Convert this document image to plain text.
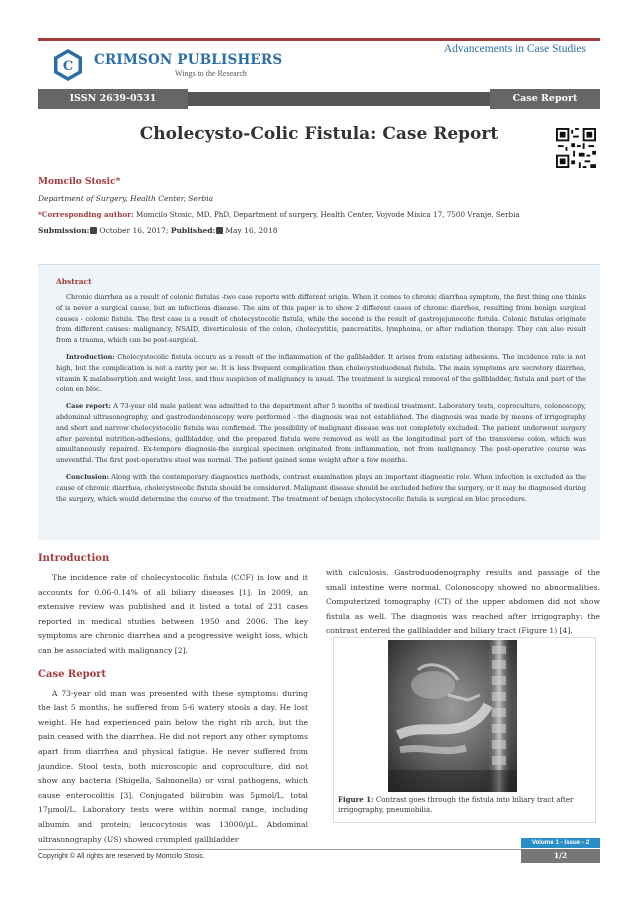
C CRIMSON PUBLISHERS
Wings to the Research
Advancements in Case Studies
ISSN 2639-0531	Case Report
Cholecysto-Colic Fistula: Case Report
Momcilo Stosic*
Department of Surgery, Health Center, Serbia
*Corresponding author: Momcilo Stosic, MD, PhD, Department of surgery, Health Center, Vojvode Misica 17, 7500 Vranje, Serbia
Submission: October 16, 2017; Published: May 16, 2018
Abstract

Chronic diarrhea as a result of colonic fistulas -two case reports with different origin. When it comes to chronic diarrhea symptom, the first thing one thinks of is never a surgical cause, but an infectious disease. The aim of this paper is to show 2 different cases of chronic diarrhea, resulting from benign surgical causes - colonic fistula. The first case is a result of cholecystocolic fistula, while the second is the result of gastrojejunocolic fistula. Colonic fistulas originate from different causes: malignancy, NSAID, diverticulosis of the colon, cholecystitis, pancreatitis, lymphoma, or after radiation therapy. They can also result from a trauma, which can be post-surgical.

Introduction: Cholecystocolic fistula occurs as a result of the inflammation of the gallbladder. It arises from existing adhesions. The incidence rate is not high, but the complication is not a rarity per se. It is less frequent complication than cholecystoduodenal fistula. The main symptoms are secretory diarrhea, vitamin K malabsorption and weight loss, and thus suspicion of malignancy is usual. The treatment is surgical removal of the gallbladder, fistula and part of the colon en bloc.

Case report: A 73-year old male patient was admitted to the department after 5 months of medical treatment. Laboratory tests, coproculture, colonoscopy, abdominal ultrasonography, and gastroduodenoscopy were performed - the diagnosis was not established. The diagnosis was made by means of irrigography and short and narrow cholecystocolic fistula was confirmed. The possibility of malignant disease was not completely excluded. The patient underwent surgery after parental nutrition-adhesions, gallbladder, and the prepared fistula were removed as well as the longitudinal part of the transverse colon, which was simultaneously repaired. Ex-tempore diagnosis-the surgical specimen originated from inflammation, not from malignancy. The post-operative course was uneventful. The first post-operative stool was normal. The patient gained some weight after a few months.

Conclusion: Along with the contemporary diagnostics methods, contrast examination plays an important diagnostic role. When infection is excluded as the cause of chronic diarrhea, cholecystocolic fistula should be considered. Malignant disease should be excluded before the surgery, or it may be diagnosed during the surgery, which would determine the course of the treatment. The treatment of benign cholecystocolic fistula is surgical en bloc procedure.

Introduction
The incidence rate of cholecystocolic fistula (CCF) is low and it accounts for 0.06-0.14% of all biliary diseases [1]. In 2009, an extensive review was published and it listed a total of 231 cases reported in medical studies between 1950 and 2006. The key symptoms are chronic diarrhea and a progressive weight loss, which can be associated with malignancy [2].
Case Report
A 73-year old man was presented with these symptoms: during the last 5 months, he suffered from 5-6 watery stools a day. He lost weight. He had experienced pain below the right rib arch, but the pain ceased with the diarrhea. He did not report any other symptoms apart from diarrhea and physical fatigue. He never suffered from jaundice. Stool tests, both microscopic and coproculture, did not show any bacteria (Shigella, Salmonella) or viral pathogens, which cause enterocolitis [3]. Conjugated bilirubin was 5µmol/L, total 17µmol/L. Laboratory tests were within normal range, including albumin and protein; leucocytosis was 13000/µL. Abdominal ultrasonography (US) showed crumpled gallbladder
with calculosis. Gastroduodenography results and passage of the small intestine were normal. Colonoscopy showed no abnormalities. Computerized tomography (CT) of the upper abdomen did not show fistula as well. The diagnosis was reached after irrigography: the contrast entered the gallbladder and biliary tract (Figure 1) [4].
Figure 1: Contrast goes through the fistula into biliary tract after irrigography, pneumobilia.
Volume 1 - Issue - 2
Copyright © All rights are reserved by Momcilo Stosic.	1/2
